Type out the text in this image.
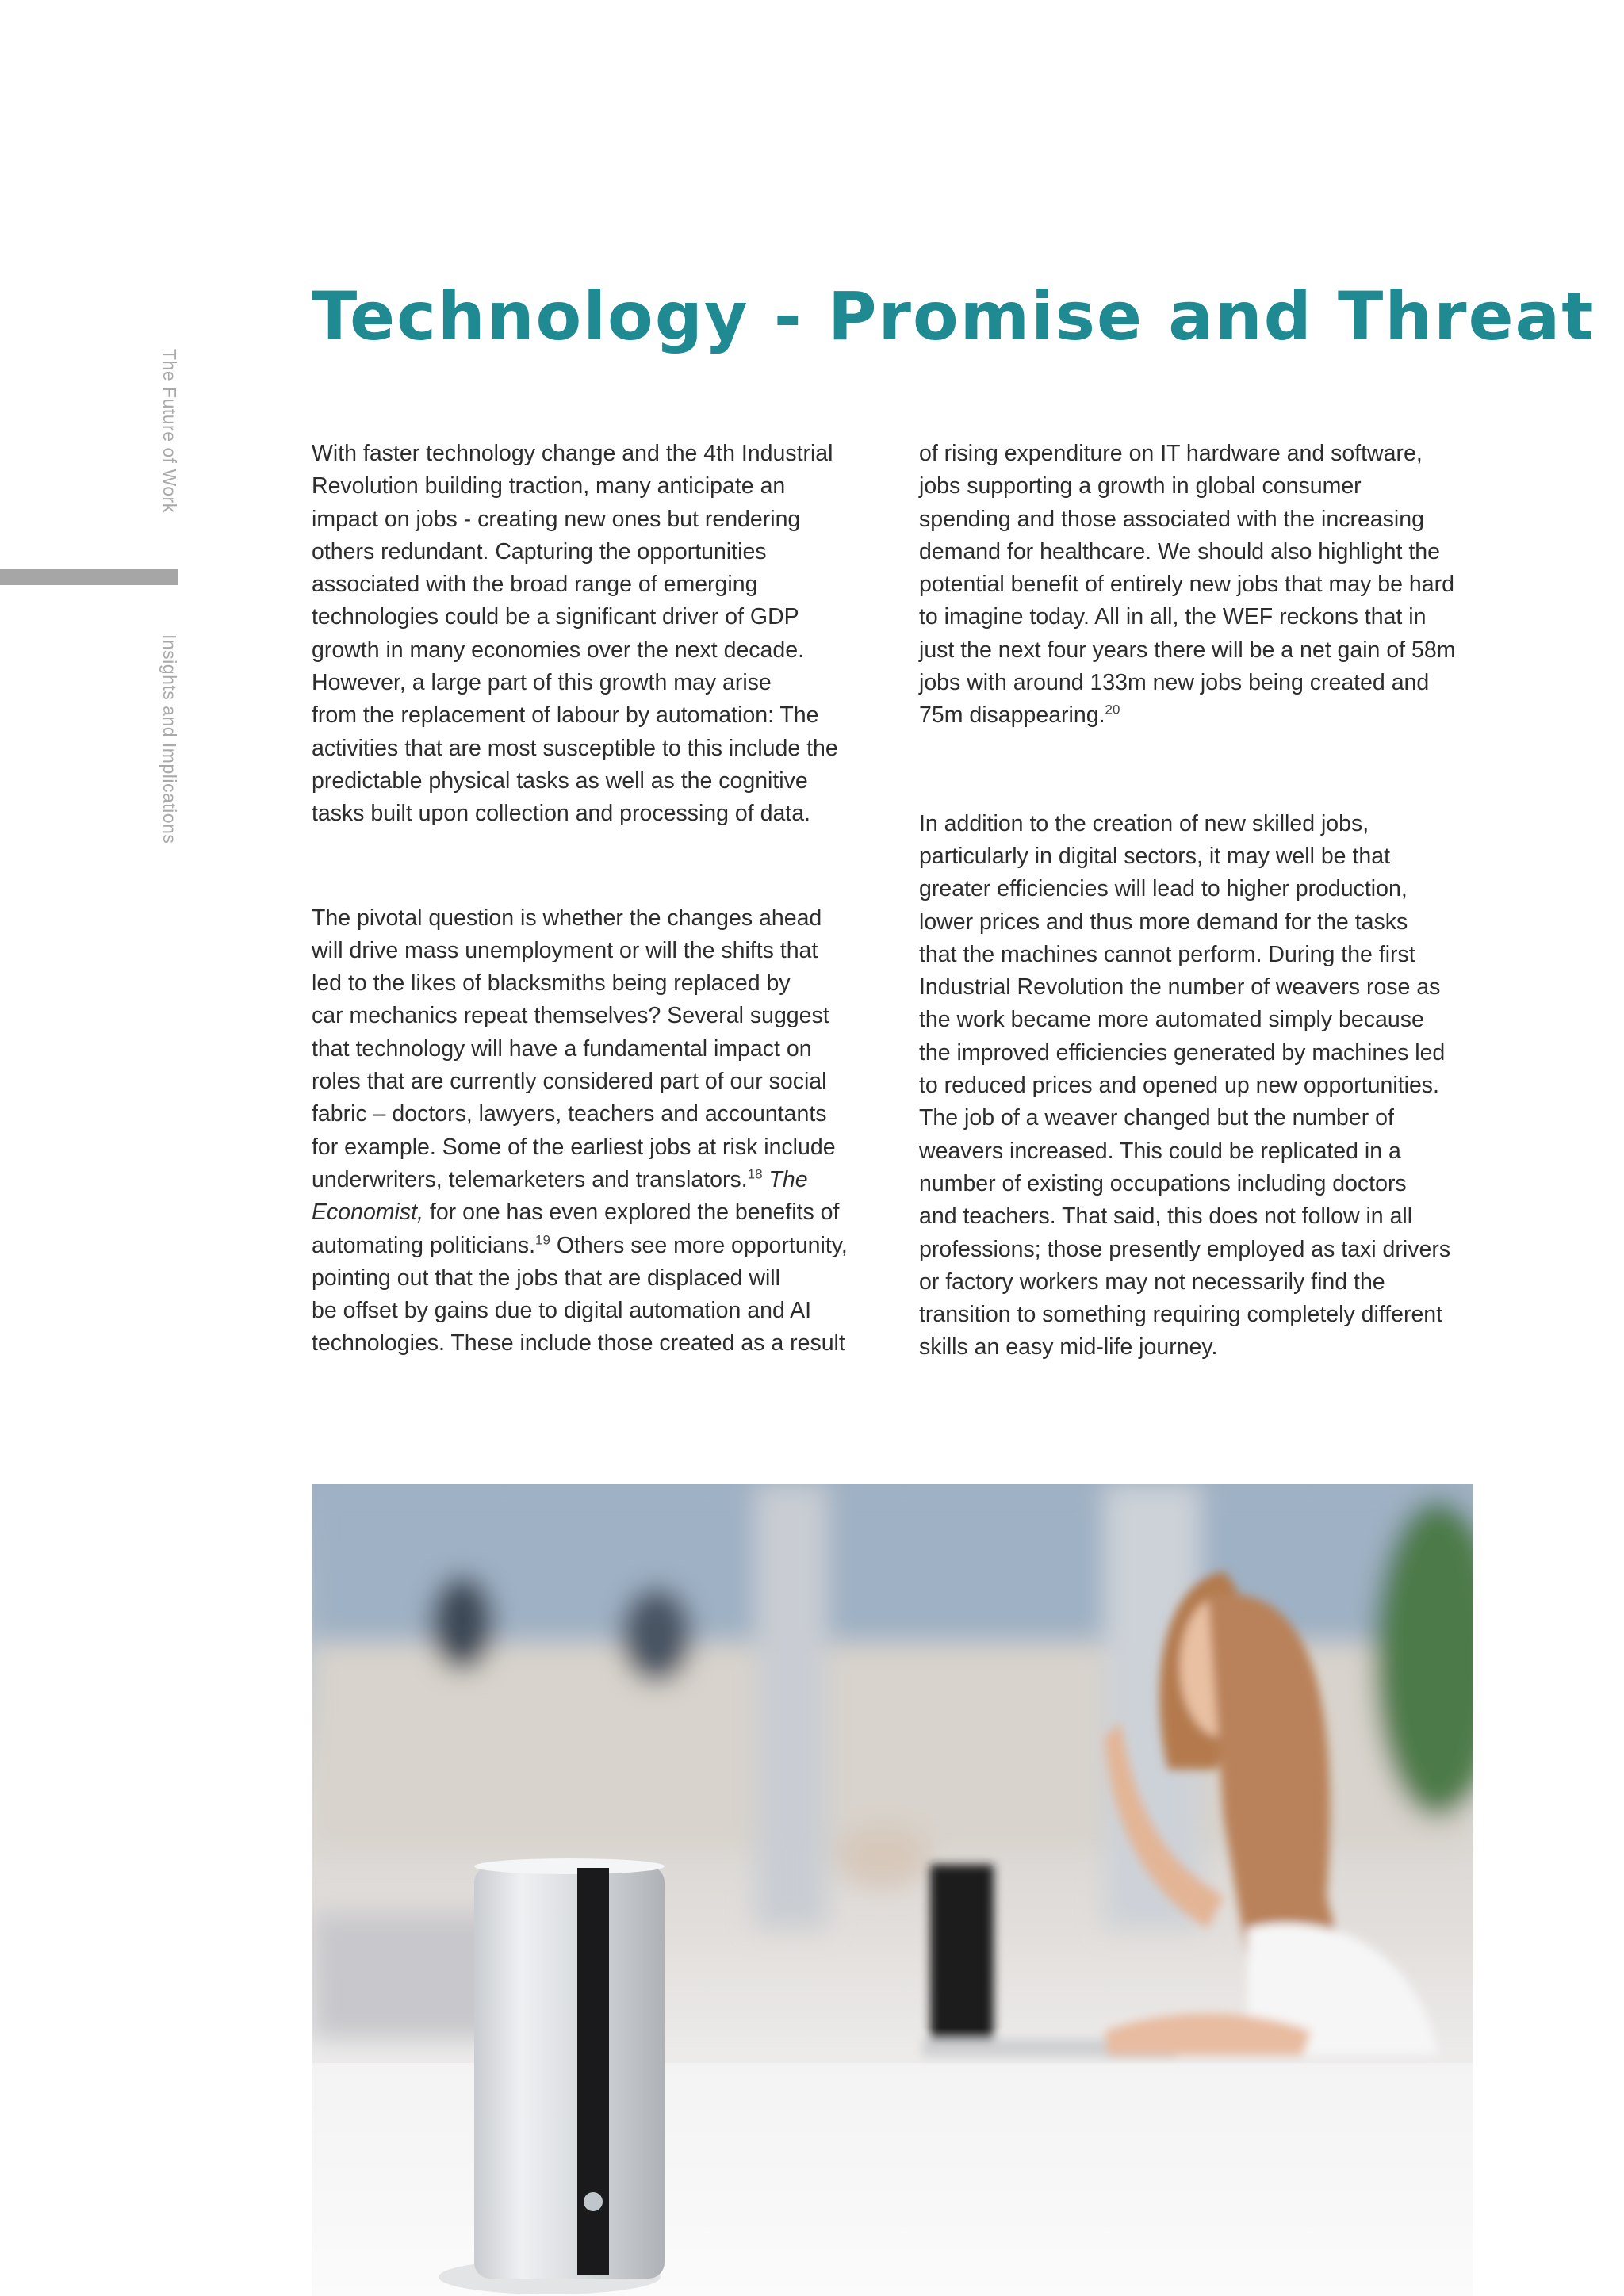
The Future of Work
Insights and Implications
Technology - Promise and Threat

With faster technology change and the 4th Industrial
Revolution building traction, many anticipate an
impact on jobs - creating new ones but rendering
others redundant. Capturing the opportunities
associated with the broad range of emerging
technologies could be a significant driver of GDP
growth in many economies over the next decade.
However, a large part of this growth may arise
from the replacement of labour by automation: The
activities that are most susceptible to this include the
predictable physical tasks as well as the cognitive
tasks built upon collection and processing of data.

The pivotal question is whether the changes ahead
will drive mass unemployment or will the shifts that
led to the likes of blacksmiths being replaced by
car mechanics repeat themselves? Several suggest
that technology will have a fundamental impact on
roles that are currently considered part of our social
fabric – doctors, lawyers, teachers and accountants
for example. Some of the earliest jobs at risk include
underwriters, telemarketers and translators.$^{18}$ The
Economist, for one has even explored the benefits of
automating politicians.$^{19}$ Others see more opportunity,
pointing out that the jobs that are displaced will
be offset by gains due to digital automation and AI
technologies. These include those created as a result

of rising expenditure on IT hardware and software,
jobs supporting a growth in global consumer
spending and those associated with the increasing
demand for healthcare. We should also highlight the
potential benefit of entirely new jobs that may be hard
to imagine today. All in all, the WEF reckons that in
just the next four years there will be a net gain of 58m
jobs with around 133m new jobs being created and
75m disappearing.$^{20}$

In addition to the creation of new skilled jobs,
particularly in digital sectors, it may well be that
greater efficiencies will lead to higher production,
lower prices and thus more demand for the tasks
that the machines cannot perform. During the first
Industrial Revolution the number of weavers rose as
the work became more automated simply because
the improved efficiencies generated by machines led
to reduced prices and opened up new opportunities.
The job of a weaver changed but the number of
weavers increased. This could be replicated in a
number of existing occupations including doctors
and teachers. That said, this does not follow in all
professions; those presently employed as taxi drivers
or factory workers may not necessarily find the
transition to something requiring completely different
skills an easy mid-life journey.
